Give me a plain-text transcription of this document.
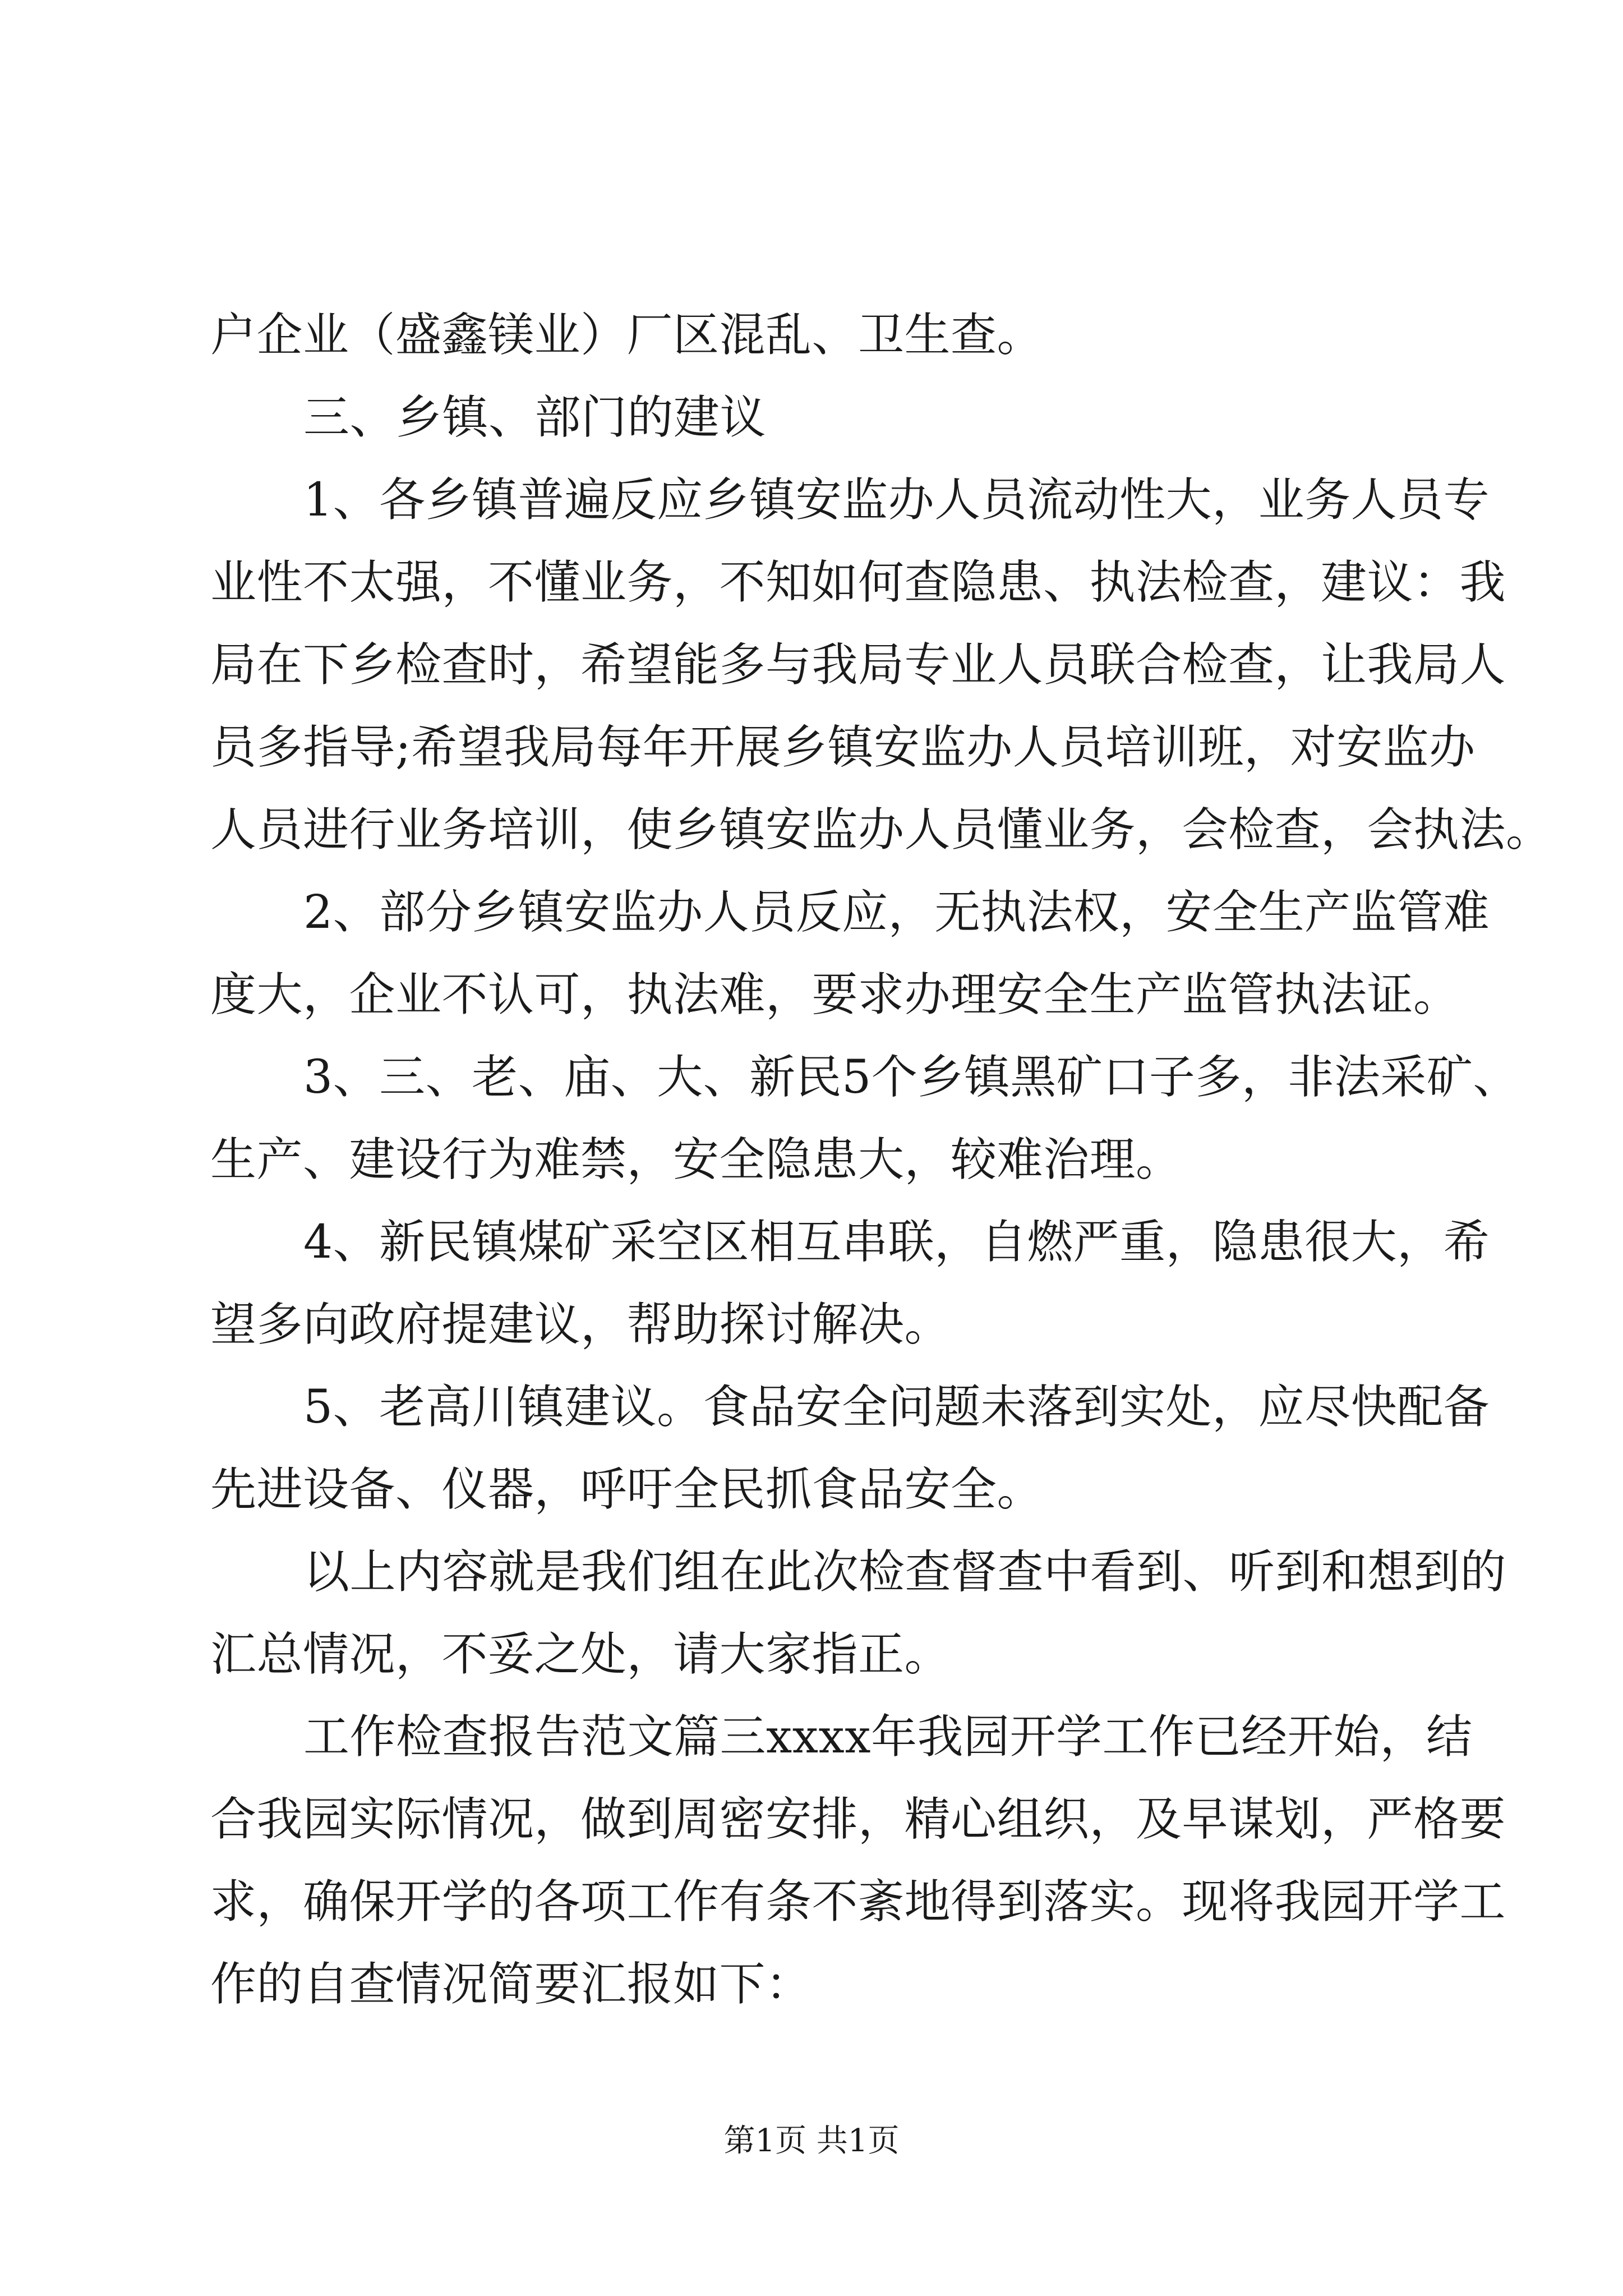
户企业（盛鑫镁业）厂区混乱、卫生查。
三、乡镇、部门的建议
1、各乡镇普遍反应乡镇安监办人员流动性大，业务人员专
业性不太强，不懂业务，不知如何查隐患、执法检查，建议：我
局在下乡检查时，希望能多与我局专业人员联合检查，让我局人
员多指导;希望我局每年开展乡镇安监办人员培训班，对安监办
人员进行业务培训，使乡镇安监办人员懂业务，会检查，会执法。
2、部分乡镇安监办人员反应，无执法权，安全生产监管难
度大，企业不认可，执法难，要求办理安全生产监管执法证。
3、三、老、庙、大、新民5个乡镇黑矿口子多，非法采矿、
生产、建设行为难禁，安全隐患大，较难治理。
4、新民镇煤矿采空区相互串联，自燃严重，隐患很大，希
望多向政府提建议，帮助探讨解决。
5、老高川镇建议。食品安全问题未落到实处，应尽快配备
先进设备、仪器，呼吁全民抓食品安全。
以上内容就是我们组在此次检查督查中看到、听到和想到的
汇总情况，不妥之处，请大家指正。
工作检查报告范文篇三xxxx年我园开学工作已经开始，结
合我园实际情况，做到周密安排，精心组织，及早谋划，严格要
求，确保开学的各项工作有条不紊地得到落实。现将我园开学工
作的自查情况简要汇报如下：
第1页 共1页
